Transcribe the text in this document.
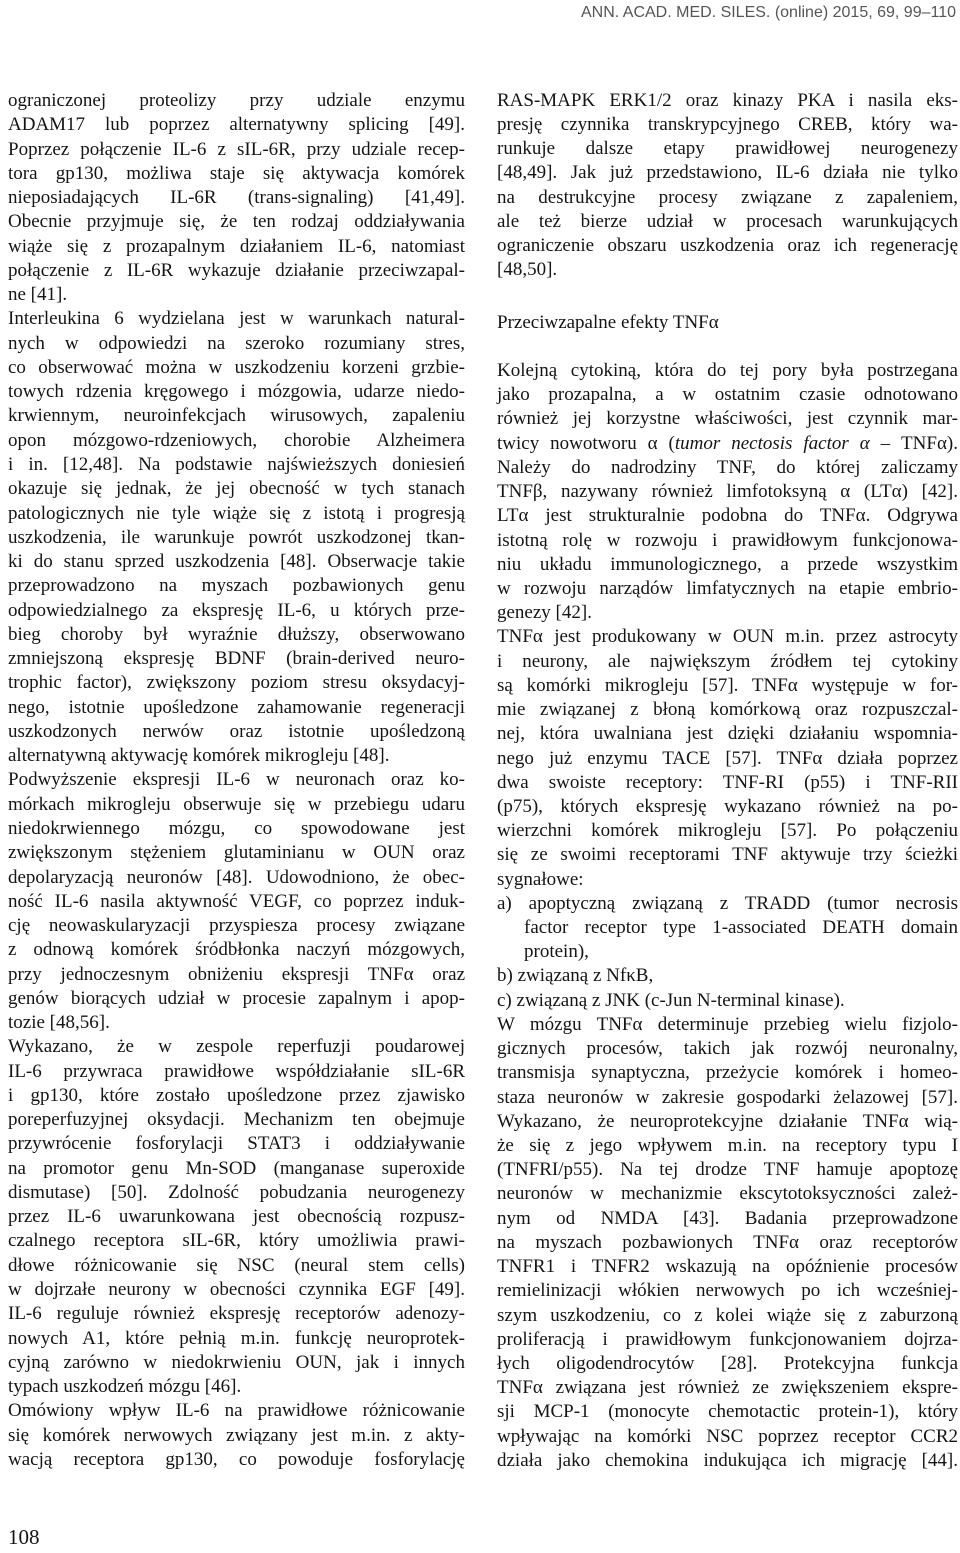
ANN. ACAD. MED. SILES. (online) 2015, 69, 99–110
ograniczonej proteolizy przy udziale enzymu
ADAM17 lub poprzez alternatywny splicing [49].
Poprzez połączenie IL-6 z sIL-6R, przy udziale recep-
tora gp130, możliwa staje się aktywacja komórek
nieposiadających IL-6R (trans-signaling) [41,49].
Obecnie przyjmuje się, że ten rodzaj oddziaływania
wiąże się z prozapalnym działaniem IL-6, natomiast
połączenie z IL-6R wykazuje działanie przeciwzapal-
ne [41].
Interleukina 6 wydzielana jest w warunkach natural-
nych w odpowiedzi na szeroko rozumiany stres,
co obserwować można w uszkodzeniu korzeni grzbie-
towych rdzenia kręgowego i mózgowia, udarze niedo-
krwiennym, neuroinfekcjach wirusowych, zapaleniu
opon mózgowo-rdzeniowych, chorobie Alzheimera
i in. [12,48]. Na podstawie najświeższych doniesień
okazuje się jednak, że jej obecność w tych stanach
patologicznych nie tyle wiąże się z istotą i progresją
uszkodzenia, ile warunkuje powrót uszkodzonej tkan-
ki do stanu sprzed uszkodzenia [48]. Obserwacje takie
przeprowadzono na myszach pozbawionych genu
odpowiedzialnego za ekspresję IL-6, u których prze-
bieg choroby był wyraźnie dłuższy, obserwowano
zmniejszoną ekspresję BDNF (brain-derived neuro-
trophic factor), zwiększony poziom stresu oksydacyj-
nego, istotnie upośledzone zahamowanie regeneracji
uszkodzonych nerwów oraz istotnie upośledzoną
alternatywną aktywację komórek mikrogleju [48].
Podwyższenie ekspresji IL-6 w neuronach oraz ko-
mórkach mikrogleju obserwuje się w przebiegu udaru
niedokrwiennego mózgu, co spowodowane jest
zwiększonym stężeniem glutaminianu w OUN oraz
depolaryzacją neuronów [48]. Udowodniono, że obec-
ność IL-6 nasila aktywność VEGF, co poprzez induk-
cję neowaskularyzacji przyspiesza procesy związane
z odnową komórek śródbłonka naczyń mózgowych,
przy jednoczesnym obniżeniu ekspresji TNFα oraz
genów biorących udział w procesie zapalnym i apop-
tozie [48,56].
Wykazano, że w zespole reperfuzji poudarowej
IL-6 przywraca prawidłowe współdziałanie sIL-6R
i gp130, które zostało upośledzone przez zjawisko
poreperfuzyjnej oksydacji. Mechanizm ten obejmuje
przywrócenie fosforylacji STAT3 i oddziaływanie
na promotor genu Mn-SOD (manganase superoxide
dismutase) [50]. Zdolność pobudzania neurogenezy
przez IL-6 uwarunkowana jest obecnością rozpusz-
czalnego receptora sIL-6R, który umożliwia prawi-
dłowe różnicowanie się NSC (neural stem cells)
w dojrzałe neurony w obecności czynnika EGF [49].
IL-6 reguluje również ekspresję receptorów adenozy-
nowych A1, które pełnią m.in. funkcję neuroprotek-
cyjną zarówno w niedokrwieniu OUN, jak i innych
typach uszkodzeń mózgu [46].
Omówiony wpływ IL-6 na prawidłowe różnicowanie
się komórek nerwowych związany jest m.in. z akty-
wacją receptora gp130, co powoduje fosforylację
RAS-MAPK ERK1/2 oraz kinazy PKA i nasila eks-
presję czynnika transkrypcyjnego CREB, który wa-
runkuje dalsze etapy prawidłowej neurogenezy
[48,49]. Jak już przedstawiono, IL-6 działa nie tylko
na destrukcyjne procesy związane z zapaleniem,
ale też bierze udział w procesach warunkujących
ograniczenie obszaru uszkodzenia oraz ich regenerację
[48,50].
Przeciwzapalne efekty TNFα
Kolejną cytokiną, która do tej pory była postrzegana
jako prozapalna, a w ostatnim czasie odnotowano
również jej korzystne właściwości, jest czynnik mar-
twicy nowotworu α (tumor nectosis factor α – TNFα).
Należy do nadrodziny TNF, do której zaliczamy
TNFβ, nazywany również limfotoksyną α (LTα) [42].
LTα jest strukturalnie podobna do TNFα. Odgrywa
istotną rolę w rozwoju i prawidłowym funkcjonowa-
niu układu immunologicznego, a przede wszystkim
w rozwoju narządów limfatycznych na etapie embrio-
genezy [42].
TNFα jest produkowany w OUN m.in. przez astrocyty
i neurony, ale największym źródłem tej cytokiny
są komórki mikrogleju [57]. TNFα występuje w for-
mie związanej z błoną komórkową oraz rozpuszczal-
nej, która uwalniana jest dzięki działaniu wspomnia-
nego już enzymu TACE [57]. TNFα działa poprzez
dwa swoiste receptory: TNF-RI (p55) i TNF-RII
(p75), których ekspresję wykazano również na po-
wierzchni komórek mikrogleju [57]. Po połączeniu
się ze swoimi receptorami TNF aktywuje trzy ścieżki
sygnałowe:
a) apoptyczną związaną z TRADD (tumor necrosis
factor receptor type 1-associated DEATH domain
protein),
b) związaną z NfκB,
c) związaną z JNK (c-Jun N-terminal kinase).
W mózgu TNFα determinuje przebieg wielu fizjolo-
gicznych procesów, takich jak rozwój neuronalny,
transmisja synaptyczna, przeżycie komórek i homeo-
staza neuronów w zakresie gospodarki żelazowej [57].
Wykazano, że neuroprotekcyjne działanie TNFα wią-
że się z jego wpływem m.in. na receptory typu I
(TNFRI/p55). Na tej drodze TNF hamuje apoptozę
neuronów w mechanizmie ekscytotoksyczności zależ-
nym od NMDA [43]. Badania przeprowadzone
na myszach pozbawionych TNFα oraz receptorów
TNFR1 i TNFR2 wskazują na opóźnienie procesów
remielinizacji włókien nerwowych po ich wcześniej-
szym uszkodzeniu, co z kolei wiąże się z zaburzoną
proliferacją i prawidłowym funkcjonowaniem dojrza-
łych oligodendrocytów [28]. Protekcyjna funkcja
TNFα związana jest również ze zwiększeniem ekspre-
sji MCP-1 (monocyte chemotactic protein-1), który
wpływając na komórki NSC poprzez receptor CCR2
działa jako chemokina indukująca ich migrację [44].
108
